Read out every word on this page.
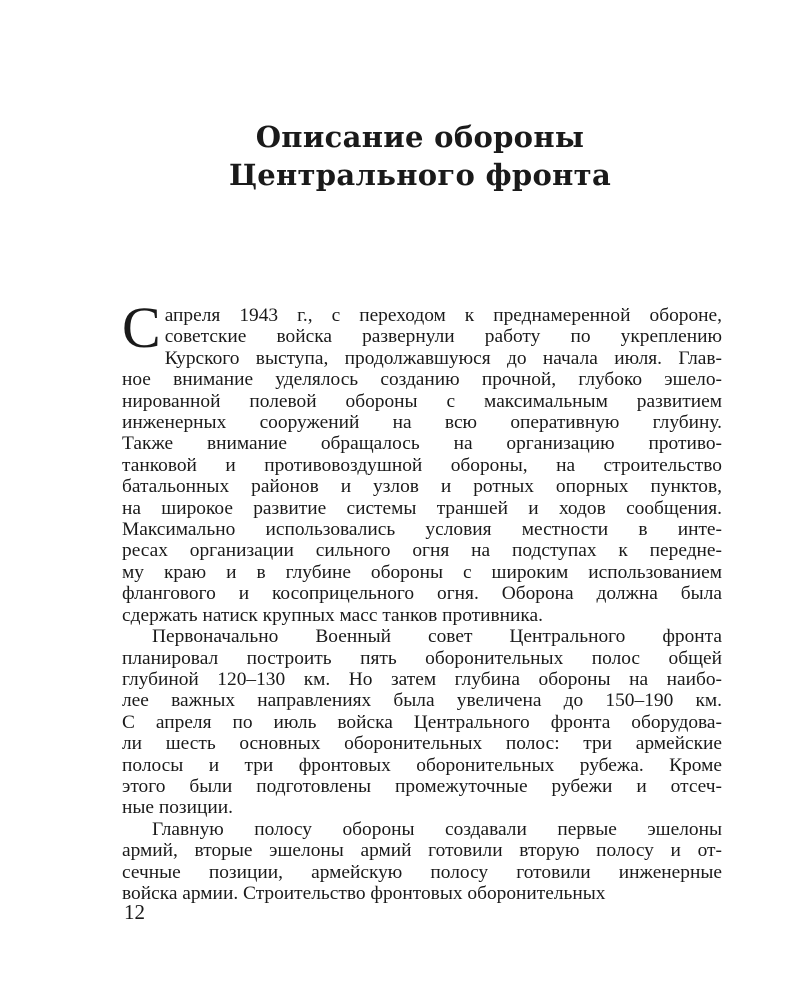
Описание обороны
Центрального фронта
С апреля 1943 г., с переходом к преднамеренной обороне,
советские войска развернули работу по укреплению
Курского выступа, продолжавшуюся до начала июля. Глав-
ное внимание уделялось созданию прочной, глубоко эшело-
нированной полевой обороны с максимальным развитием
инженерных сооружений на всю оперативную глубину.
Также внимание обращалось на организацию противо-
танковой и противовоздушной обороны, на строительство
батальонных районов и узлов и ротных опорных пунктов,
на широкое развитие системы траншей и ходов сообщения.
Максимально использовались условия местности в инте-
ресах организации сильного огня на подступах к передне-
му краю и в глубине обороны с широким использованием
флангового и косоприцельного огня. Оборона должна была
сдержать натиск крупных масс танков противника.
Первоначально Военный совет Центрального фронта
планировал построить пять оборонительных полос общей
глубиной 120–130 км. Но затем глубина обороны на наибо-
лее важных направлениях была увеличена до 150–190 км.
С апреля по июль войска Центрального фронта оборудова-
ли шесть основных оборонительных полос: три армейские
полосы и три фронтовых оборонительных рубежа. Кроме
этого были подготовлены промежуточные рубежи и отсеч-
ные позиции.
Главную полосу обороны создавали первые эшелоны
армий, вторые эшелоны армий готовили вторую полосу и от-
сечные позиции, армейскую полосу готовили инженерные
войска армии. Строительство фронтовых оборонительных
12
